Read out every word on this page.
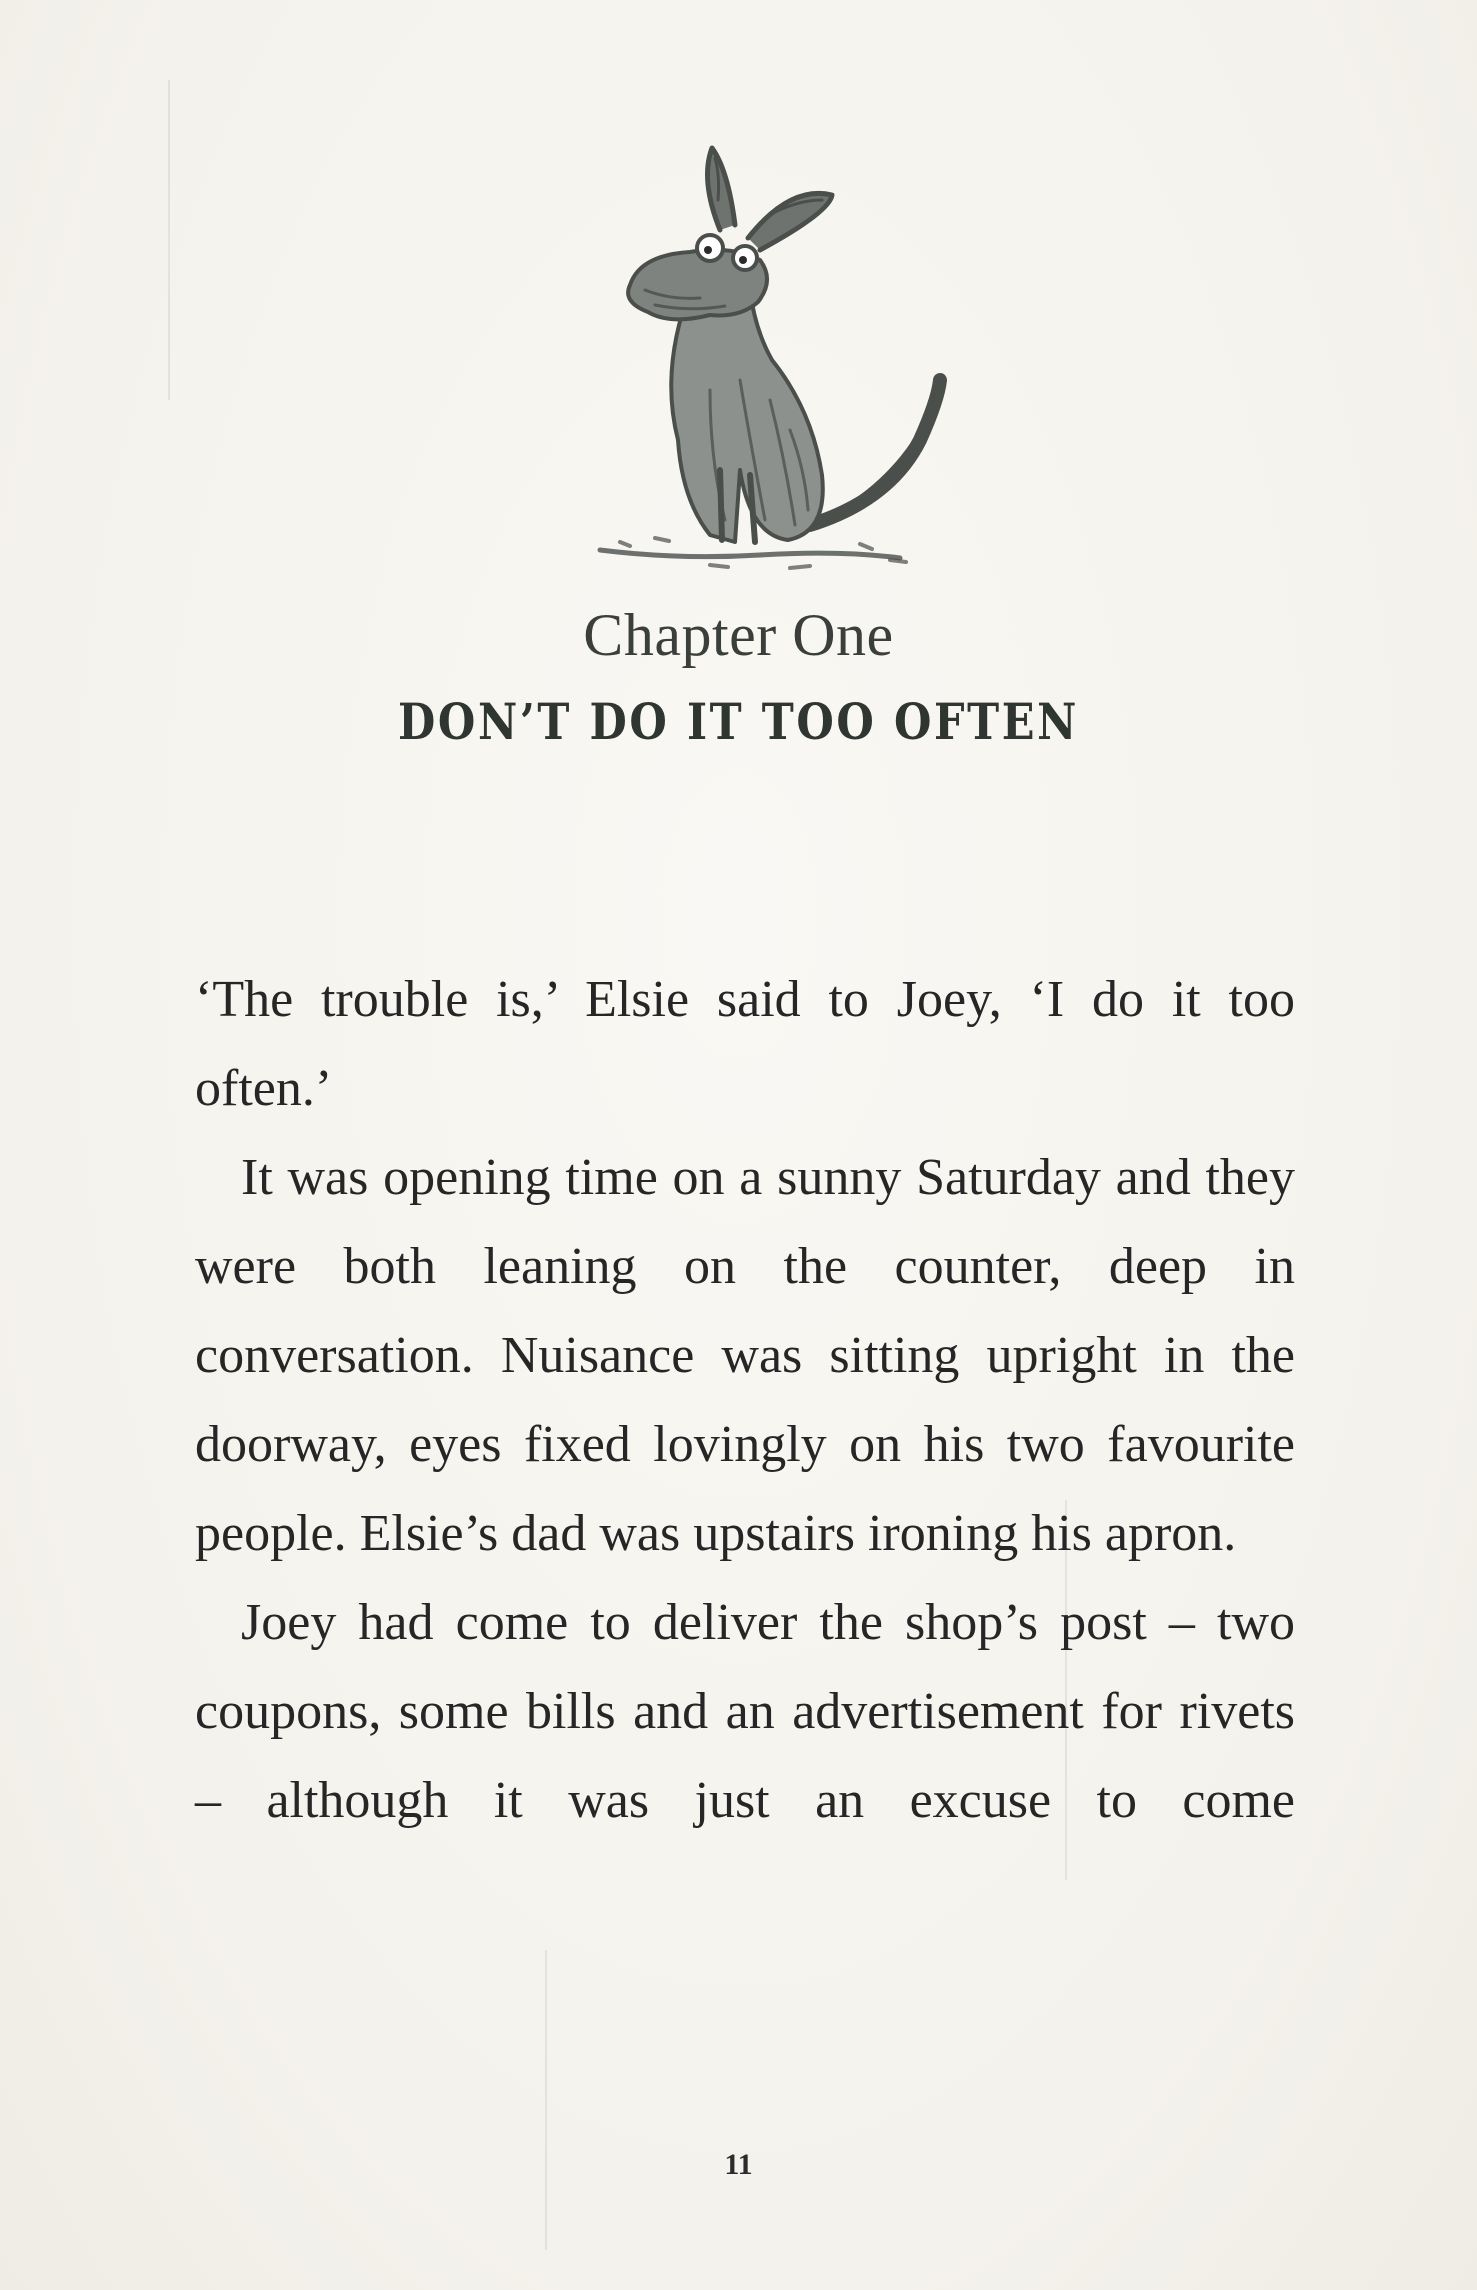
Chapter One
DON’T DO IT TOO OFTEN

‘The trouble is,’ Elsie said to Joey, ‘I do it too often.’

It was opening time on a sunny Saturday and they were both leaning on the counter, deep in conversation. Nuisance was sitting upright in the doorway, eyes fixed lovingly on his two favourite people. Elsie’s dad was upstairs ironing his apron.

Joey had come to deliver the shop’s post – two coupons, some bills and an advertisement for rivets – although it was just an excuse to come

11
